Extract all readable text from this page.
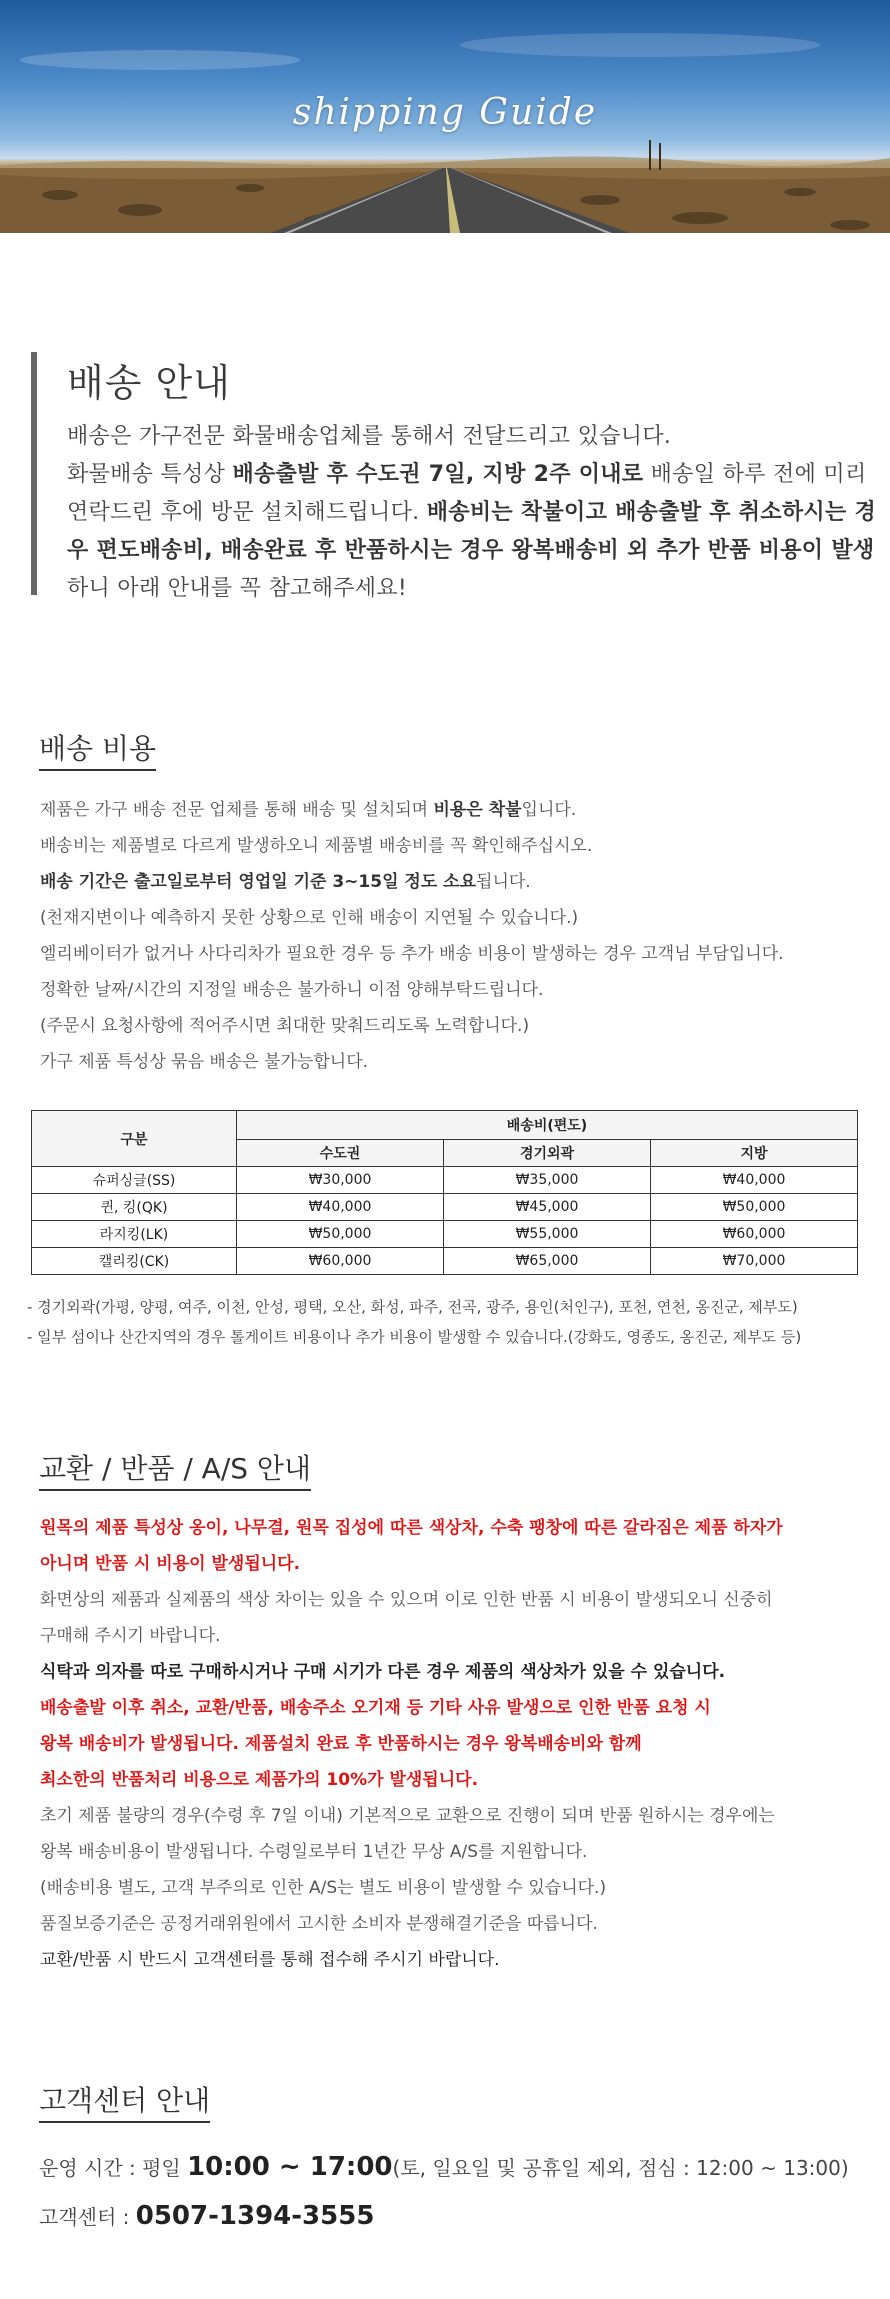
shipping Guide
배송 안내
배송은 가구전문 화물배송업체를 통해서 전달드리고 있습니다.
화물배송 특성상 배송출발 후 수도권 7일, 지방 2주 이내로 배송일 하루 전에 미리 연락드린 후에 방문 설치해드립니다. 배송비는 착불이고 배송출발 후 취소하시는 경우 편도배송비, 배송완료 후 반품하시는 경우 왕복배송비 외 추가 반품 비용이 발생하니 아래 안내를 꼭 참고해주세요!
배송 비용
제품은 가구 배송 전문 업체를 통해 배송 및 설치되며 비용은 착불입니다.
배송비는 제품별로 다르게 발생하오니 제품별 배송비를 꼭 확인해주십시오.
배송 기간은 출고일로부터 영업일 기준 3~15일 정도 소요됩니다.
(천재지변이나 예측하지 못한 상황으로 인해 배송이 지연될 수 있습니다.)
엘리베이터가 없거나 사다리차가 필요한 경우 등 추가 배송 비용이 발생하는 경우 고객님 부담입니다.
정확한 날짜/시간의 지정일 배송은 불가하니 이점 양해부탁드립니다.
(주문시 요청사항에 적어주시면 최대한 맞춰드리도록 노력합니다.)
가구 제품 특성상 묶음 배송은 불가능합니다.
구분	배송비(편도)		
	수도권	경기외곽	지방
슈퍼싱글(SS)	₩30,000	₩35,000	₩40,000
퀸, 킹(QK)	₩40,000	₩45,000	₩50,000
라지킹(LK)	₩50,000	₩55,000	₩60,000
캘리킹(CK)	₩60,000	₩65,000	₩70,000
- 경기외곽(가평, 양평, 여주, 이천, 안성, 평택, 오산, 화성, 파주, 전곡, 광주, 용인(처인구), 포천, 연천, 옹진군, 제부도)
- 일부 섬이나 산간지역의 경우 톨게이트 비용이나 추가 비용이 발생할 수 있습니다.(강화도, 영종도, 옹진군, 제부도 등)
교환 / 반품 / A/S 안내
원목의 제품 특성상 옹이, 나무결, 원목 집성에 따른 색상차, 수축 팽창에 따른 갈라짐은 제품 하자가
아니며 반품 시 비용이 발생됩니다.
화면상의 제품과 실제품의 색상 차이는 있을 수 있으며 이로 인한 반품 시 비용이 발생되오니 신중히
구매해 주시기 바랍니다.
식탁과 의자를 따로 구매하시거나 구매 시기가 다른 경우 제품의 색상차가 있을 수 있습니다.
배송출발 이후 취소, 교환/반품, 배송주소 오기재 등 기타 사유 발생으로 인한 반품 요청 시
왕복 배송비가 발생됩니다. 제품설치 완료 후 반품하시는 경우 왕복배송비와 함께
최소한의 반품처리 비용으로 제품가의 10%가 발생됩니다.
초기 제품 불량의 경우(수령 후 7일 이내) 기본적으로 교환으로 진행이 되며 반품 원하시는 경우에는
왕복 배송비용이 발생됩니다. 수령일로부터 1년간 무상 A/S를 지원합니다.
(배송비용 별도, 고객 부주의로 인한 A/S는 별도 비용이 발생할 수 있습니다.)
품질보증기준은 공정거래위원에서 고시한 소비자 분쟁해결기준을 따릅니다.
교환/반품 시 반드시 고객센터를 통해 접수해 주시기 바랍니다.
고객센터 안내
운영 시간 : 평일 10:00 ~ 17:00(토, 일요일 및 공휴일 제외, 점심 : 12:00 ~ 13:00)
고객센터 : 0507-1394-3555
